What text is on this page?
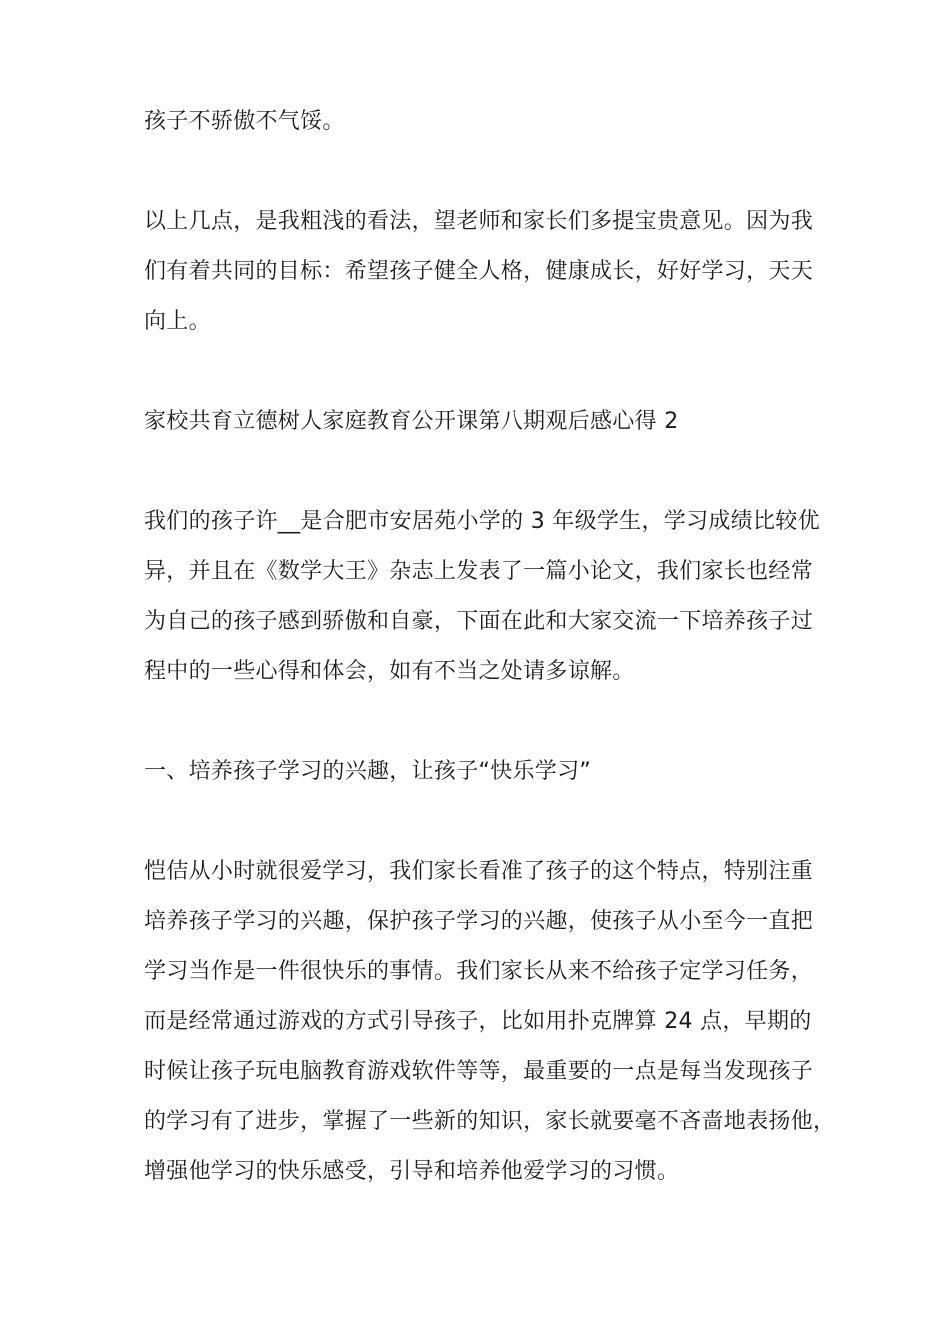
孩子不骄傲不气馁。

以上几点，是我粗浅的看法，望老师和家长们多提宝贵意见。因为我
们有着共同的目标：希望孩子健全人格，健康成长，好好学习，天天
向上。

家校共育立德树人家庭教育公开课第八期观后感心得 2

我们的孩子许__是合肥市安居苑小学的 3 年级学生，学习成绩比较优
异，并且在《数学大王》杂志上发表了一篇小论文，我们家长也经常
为自己的孩子感到骄傲和自豪，下面在此和大家交流一下培养孩子过
程中的一些心得和体会，如有不当之处请多谅解。

一、培养孩子学习的兴趣，让孩子“快乐学习”

恺佶从小时就很爱学习，我们家长看准了孩子的这个特点，特别注重
培养孩子学习的兴趣，保护孩子学习的兴趣，使孩子从小至今一直把
学习当作是一件很快乐的事情。我们家长从来不给孩子定学习任务，
而是经常通过游戏的方式引导孩子，比如用扑克牌算 24 点，早期的
时候让孩子玩电脑教育游戏软件等等，最重要的一点是每当发现孩子
的学习有了进步，掌握了一些新的知识，家长就要毫不吝啬地表扬他，
增强他学习的快乐感受，引导和培养他爱学习的习惯。
